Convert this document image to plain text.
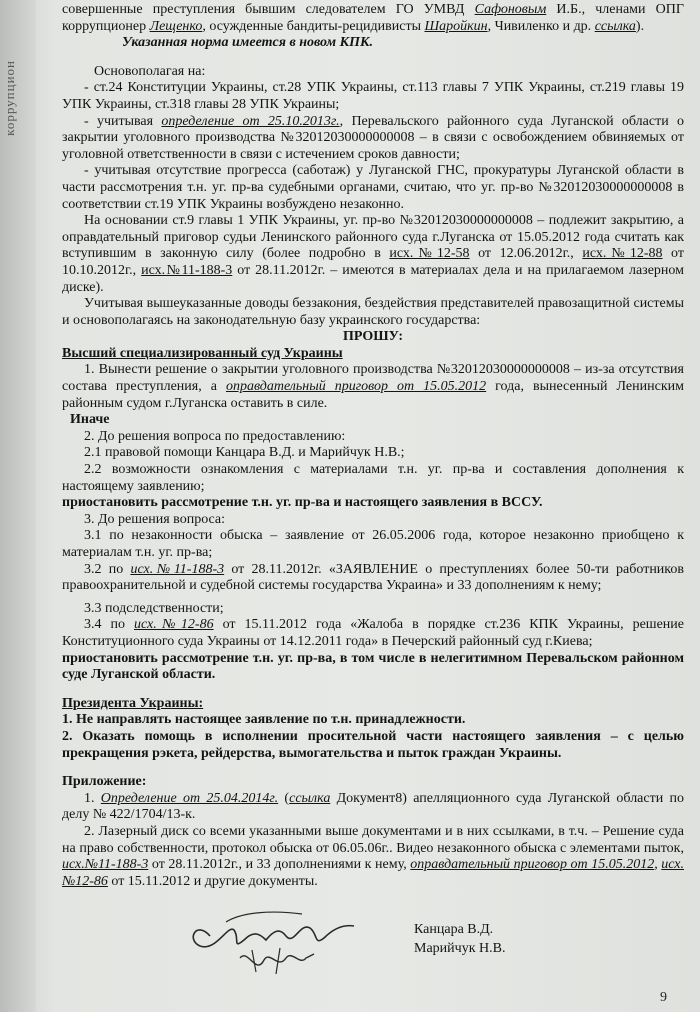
коррупцион

совершенные преступления бывшим следователем ГО УМВД Сафоновым И.Б., членами ОПГ коррупционер Лещенко, осужденные бандиты-рецидивисты Шаройкин, Чивиленко и др. ссылка).

Указанная норма имеется в новом КПК.

Основополагая на:

- ст.24 Конституции Украины, ст.28 УПК Украины, ст.113 главы 7 УПК Украины, ст.219 главы 19 УПК Украины, ст.318 главы 28 УПК Украины;

- учитывая определение от 25.10.2013г., Перевальского районного суда Луганской области о закрытии уголовного производства №32012030000000008 – в связи с освобождением обвиняемых от уголовной ответственности в связи с истечением сроков давности;

- учитывая отсутствие прогресса (саботаж) у Луганской ГНС, прокуратуры Луганской области в части рассмотрения т.н. уг. пр-ва судебными органами, считаю, что уг. пр-во №32012030000000008 в соответствии ст.19 УПК Украины возбуждено незаконно.

На основании ст.9 главы 1 УПК Украины, уг. пр-во №32012030000000008 – подлежит закрытию, а оправдательный приговор судьи Ленинского районного суда г.Луганска от 15.05.2012 года считать как вступившим в законную силу (более подробно в исх.№12-58 от 12.06.2012г., исх.№12-88 от 10.10.2012г., исх.№11-188-3 от 28.11.2012г. – имеются в материалах дела и на прилагаемом лазерном диске).

Учитывая вышеуказанные доводы беззакония, бездействия представителей правозащитной системы и основополагаясь на законодательную базу украинского государства:

ПРОШУ:

Высший специализированный суд Украины

1. Вынести решение о закрытии уголовного производства №32012030000000008 – из-за отсутствия состава преступления, а оправдательный приговор от 15.05.2012 года, вынесенный Ленинским районным судом г.Луганска оставить в силе.

Иначе

2. До решения вопроса по предоставлению:

2.1 правовой помощи Канцара В.Д. и Марийчук Н.В.;

2.2 возможности ознакомления с материалами т.н. уг. пр-ва и составления дополнения к настоящему заявлению;

приостановить рассмотрение т.н. уг. пр-ва и настоящего заявления в ВССУ.

3. До решения вопроса:

3.1 по незаконности обыска – заявление от 26.05.2006 года, которое незаконно приобщено к материалам т.н. уг. пр-ва;

3.2 по исх.№11-188-3 от 28.11.2012г. «ЗАЯВЛЕНИЕ о преступлениях более 50-ти работников правоохранительной и судебной системы государства Украина» и 33 дополнениям к нему;

3.3 подследственности;

3.4 по исх.№12-86 от 15.11.2012 года «Жалоба в порядке ст.236 КПК Украины, решение Конституционного суда Украины от 14.12.2011 года» в Печерский районный суд г.Киева;

приостановить рассмотрение т.н. уг. пр-ва, в том числе в нелегитимном Перевальском районном суде Луганской области.

Президента Украины:

1. Не направлять настоящее заявление по т.н. принадлежности.

2. Оказать помощь в исполнении просительной части настоящего заявления – с целью прекращения рэкета, рейдерства, вымогательства и пыток граждан Украины.

Приложение:

1. Определение от 25.04.2014г. (ссылка Документ8) апелляционного суда Луганской области по делу № 422/1704/13-к.

2. Лазерный диск со всеми указанными выше документами и в них ссылками, в т.ч. – Решение суда на право собственности, протокол обыска от 06.05.06г.. Видео незаконного обыска с элементами пыток, исх.№11-188-3 от 28.11.2012г., и 33 дополнениями к нему, оправдательный приговор от 15.05.2012, исх.№12-86 от 15.11.2012 и другие документы.

Канцара В.Д.
Марийчук Н.В.
9
